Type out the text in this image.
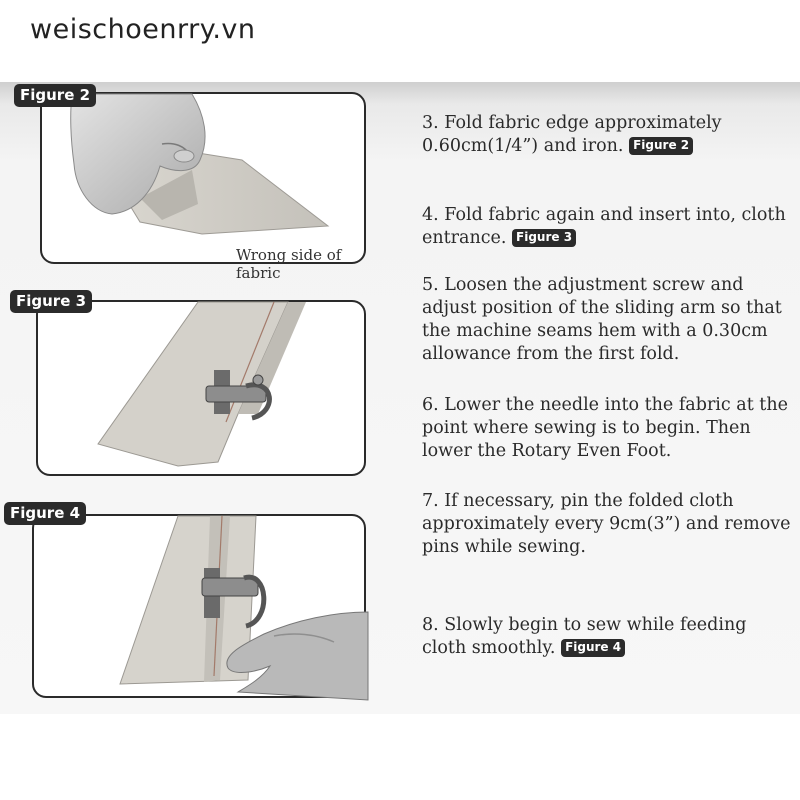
weischoenrry.vn
Figure 2
Wrong side of fabric
Figure 3
Figure 4
3. Fold fabric edge approximately 0.60cm(1/4”) and iron. Figure 2
4. Fold fabric again and insert into, cloth entrance. Figure 3
5. Loosen the adjustment screw and adjust position of the sliding arm so that the machine seams hem with a 0.30cm allowance from the first fold.
6. Lower the needle into the fabric at the point where sewing is to begin. Then lower the Rotary Even Foot.
7. If necessary, pin the folded cloth approximately every 9cm(3”) and remove pins while sewing.
8. Slowly begin to sew while feeding cloth smoothly. Figure 4
